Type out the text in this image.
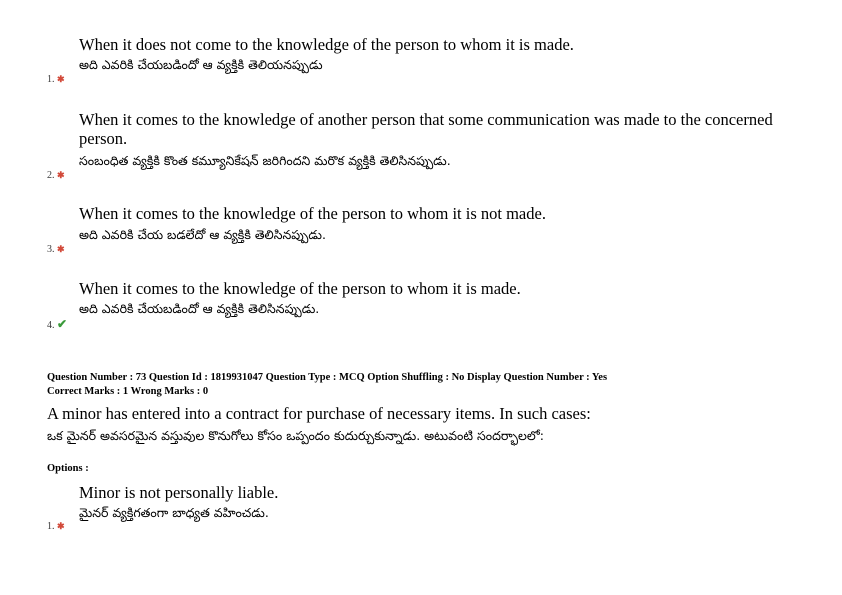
When it does not come to the knowledge of the person to whom it is made.
అది ఎవరికి చేయబడిందో ఆ వ్యక్తికి తెలియనప్పుడు
1. ✱
When it comes to the knowledge of another person that some communication was made to the concerned person.
సంబంధిత వ్యక్తికి కొంత కమ్యూనికేషన్ జరిగిందని మరొక వ్యక్తికి తెలిసినప్పుడు.
2. ✱
When it comes to the knowledge of the person to whom it is not made.
అది ఎవరికి చేయ బడలేదో ఆ వ్యక్తికి తెలిసినప్పుడు.
3. ✱
When it comes to the knowledge of the person to whom it is made.
అది ఎవరికి చేయబడిందో ఆ వ్యక్తికి తెలిసినప్పుడు.
4. ✔
Question Number : 73 Question Id : 1819931047 Question Type : MCQ Option Shuffling : No Display Question Number : Yes
Correct Marks : 1 Wrong Marks : 0
A minor has entered into a contract for purchase of necessary items. In such cases:
ఒక మైనర్ అవసరమైన వస్తువుల కొనుగోలు కోసం ఒప్పందం కుదుర్చుకున్నాడు. అటువంటి సందర్భాలలో:
Options :
Minor is not personally liable.
మైనర్ వ్యక్తిగతంగా బాధ్యత వహించడు.
1. ✱
